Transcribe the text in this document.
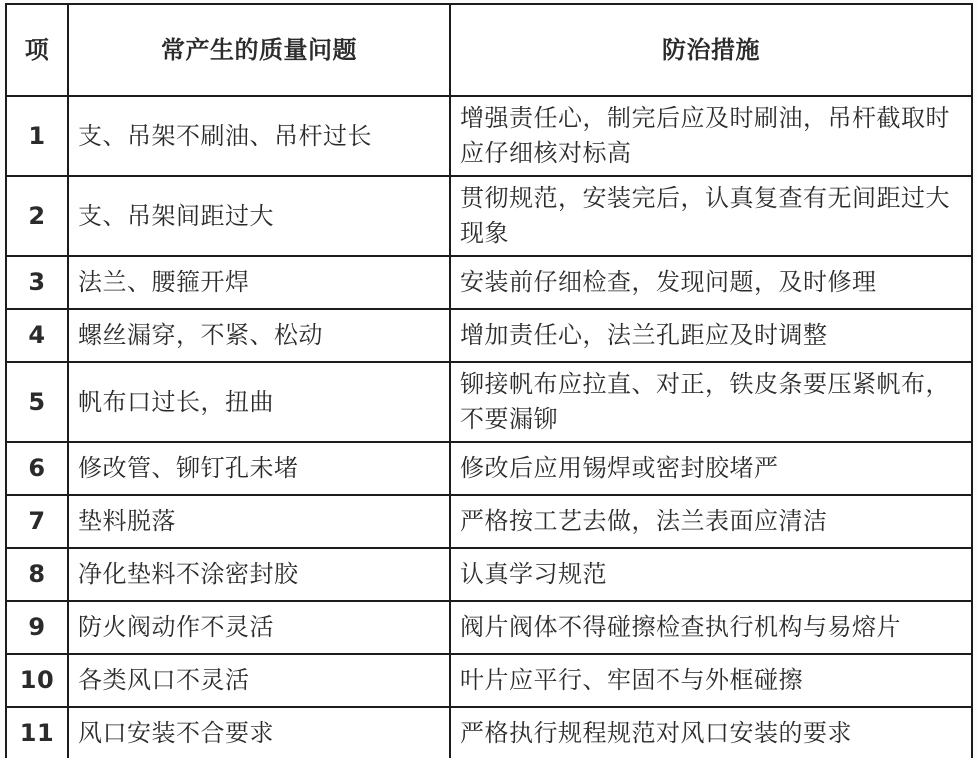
项	常产生的质量问题	防治措施
1	支、吊架不刷油、吊杆过长	增强责任心，制完后应及时刷油，吊杆截取时应仔细核对标高
2	支、吊架间距过大	贯彻规范，安装完后，认真复查有无间距过大现象
3	法兰、腰箍开焊	安装前仔细检查，发现问题，及时修理
4	螺丝漏穿，不紧、松动	增加责任心，法兰孔距应及时调整
5	帆布口过长，扭曲	铆接帆布应拉直、对正，铁皮条要压紧帆布，不要漏铆
6	修改管、铆钉孔未堵	修改后应用锡焊或密封胶堵严
7	垫料脱落	严格按工艺去做，法兰表面应清洁
8	净化垫料不涂密封胶	认真学习规范
9	防火阀动作不灵活	阀片阀体不得碰擦检查执行机构与易熔片
10	各类风口不灵活	叶片应平行、牢固不与外框碰擦
11	风口安装不合要求	严格执行规程规范对风口安装的要求
